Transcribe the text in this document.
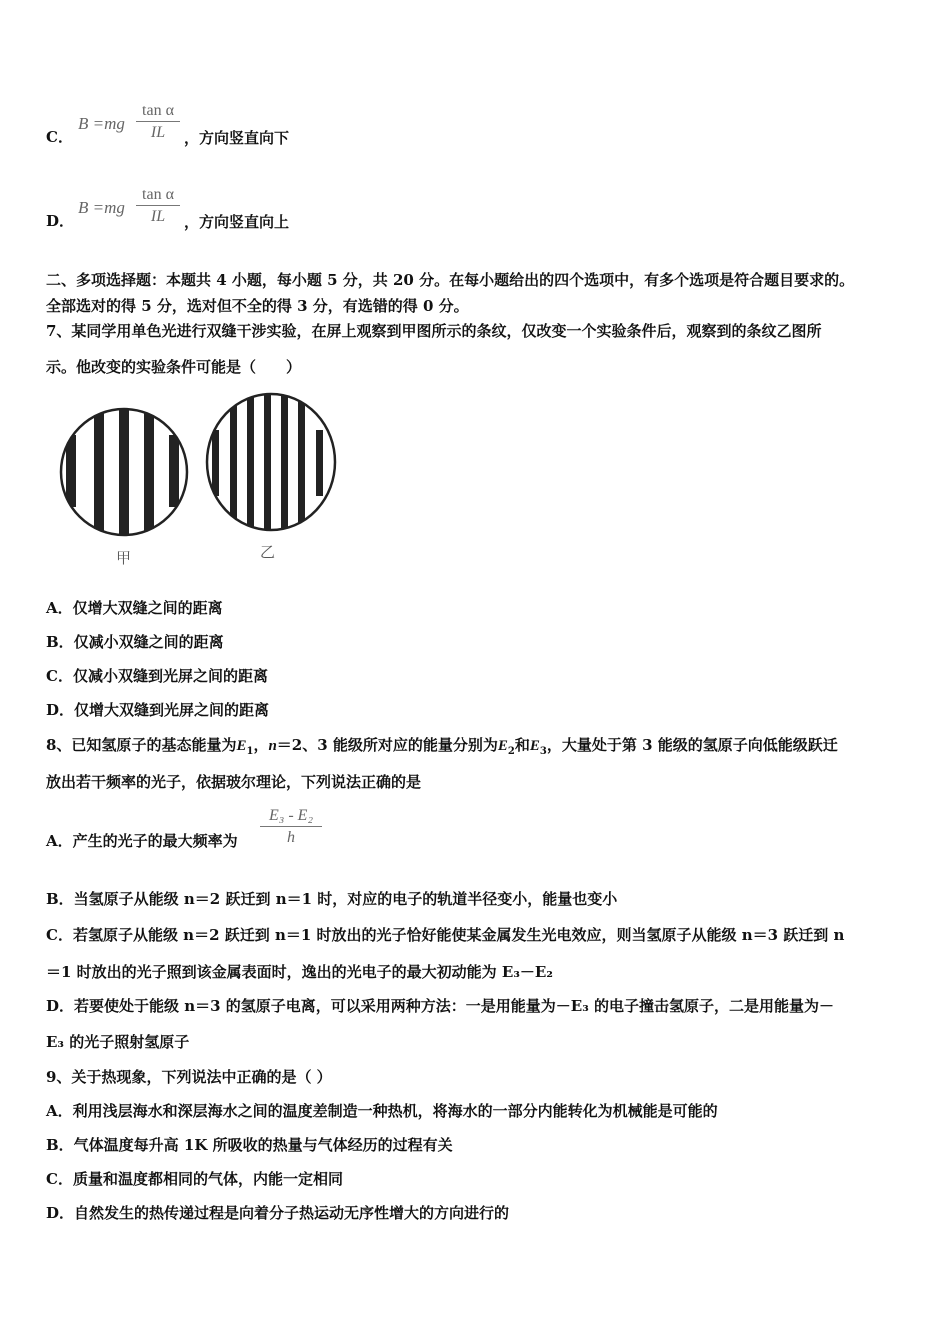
C．
$B =mg \frac{\text{tan α}}{IL}$ ，方向竖直向下
D．
$B =mg \frac{\text{tan α}}{IL}$ ，方向竖直向上
二、多项选择题：本题共 4 小题，每小题 5 分，共 20 分。在每小题给出的四个选项中，有多个选项是符合题目要求的。
全部选对的得 5 分，选对但不全的得 3 分，有选错的得 0 分。
7、某同学用单色光进行双缝干涉实验，在屏上观察到甲图所示的条纹，仅改变一个实验条件后，观察到的条纹乙图所
示。他改变的实验条件可能是（　　）
甲	乙
A．仅增大双缝之间的距离
B．仅减小双缝之间的距离
C．仅减小双缝到光屏之间的距离
D．仅增大双缝到光屏之间的距离
8、已知氢原子的基态能量为$E_1$，n＝2、3 能级所对应的能量分别为$E_2$和$E_3$，大量处于第 3 能级的氢原子向低能级跃迁
放出若干频率的光子，依据玻尔理论，下列说法正确的是
A．产生的光子的最大频率为 $\frac{\text{E₃ - E₂}}{h}$
B．当氢原子从能级 n＝2 跃迁到 n＝1 时，对应的电子的轨道半径变小，能量也变小
C．若氢原子从能级 n＝2 跃迁到 n＝1 时放出的光子恰好能使某金属发生光电效应，则当氢原子从能级 n＝3 跃迁到 n
＝1 时放出的光子照到该金属表面时，逸出的光电子的最大初动能为 E₃－E₂
D．若要使处于能级 n＝3 的氢原子电离，可以采用两种方法：一是用能量为－E₃ 的电子撞击氢原子，二是用能量为－
E₃ 的光子照射氢原子
9、关于热现象，下列说法中正确的是（ ）
A．利用浅层海水和深层海水之间的温度差制造一种热机，将海水的一部分内能转化为机械能是可能的
B．气体温度每升高 1K 所吸收的热量与气体经历的过程有关
C．质量和温度都相同的气体，内能一定相同
D．自然发生的热传递过程是向着分子热运动无序性增大的方向进行的
